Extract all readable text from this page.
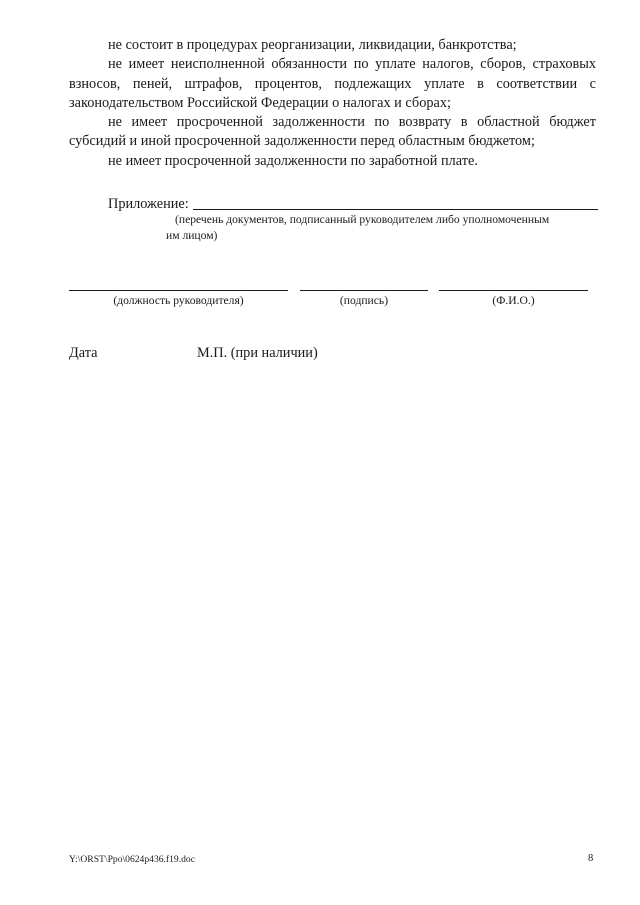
не состоит в процедурах реорганизации, ликвидации, банкротства;

не имеет неисполненной обязанности по уплате налогов, сборов, страховых взносов, пеней, штрафов, процентов, подлежащих уплате в соответствии с законодательством Российской Федерации о налогах и сборах;

не имеет просроченной задолженности по возврату в областной бюджет субсидий и иной просроченной задолженности перед областным бюджетом;

не имеет просроченной задолженности по заработной плате.

Приложение:
(перечень документов, подписанный руководителем либо уполномоченным
им лицом)
(должность руководителя)	(подпись)	(Ф.И.О.)
Дата	М.П. (при наличии)
Y:\ORST\Ppo\0624p436.f19.doc	8
